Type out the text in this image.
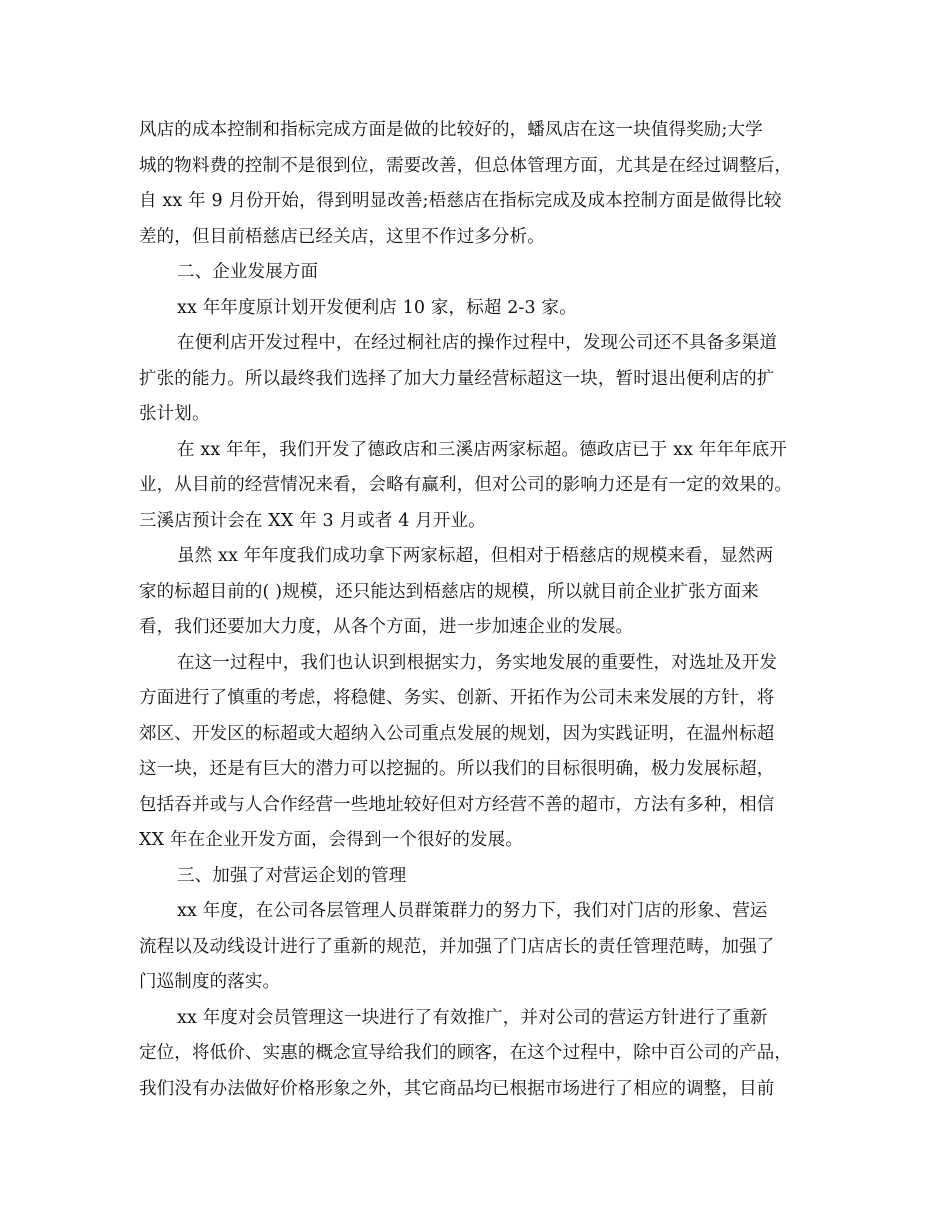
风店的成本控制和指标完成方面是做的比较好的，蟠凤店在这一块值得奖励;大学
城的物料费的控制不是很到位，需要改善，但总体管理方面，尤其是在经过调整后，
自 xx 年 9 月份开始，得到明显改善;梧慈店在指标完成及成本控制方面是做得比较
差的，但目前梧慈店已经关店，这里不作过多分析。
二、企业发展方面
xx 年年度原计划开发便利店 10 家，标超 2-3 家。
在便利店开发过程中，在经过桐社店的操作过程中，发现公司还不具备多渠道
扩张的能力。所以最终我们选择了加大力量经营标超这一块，暂时退出便利店的扩
张计划。
在 xx 年年，我们开发了德政店和三溪店两家标超。德政店已于 xx 年年年底开
业，从目前的经营情况来看，会略有赢利，但对公司的影响力还是有一定的效果的。
三溪店预计会在 XX 年 3 月或者 4 月开业。
虽然 xx 年年度我们成功拿下两家标超，但相对于梧慈店的规模来看，显然两
家的标超目前的( )规模，还只能达到梧慈店的规模，所以就目前企业扩张方面来
看，我们还要加大力度，从各个方面，进一步加速企业的发展。
在这一过程中，我们也认识到根据实力，务实地发展的重要性，对选址及开发
方面进行了慎重的考虑，将稳健、务实、创新、开拓作为公司未来发展的方针，将
郊区、开发区的标超或大超纳入公司重点发展的规划，因为实践证明，在温州标超
这一块，还是有巨大的潜力可以挖掘的。所以我们的目标很明确，极力发展标超，
包括吞并或与人合作经营一些地址较好但对方经营不善的超市，方法有多种，相信
XX 年在企业开发方面，会得到一个很好的发展。
三、加强了对营运企划的管理
xx 年度，在公司各层管理人员群策群力的努力下，我们对门店的形象、营运
流程以及动线设计进行了重新的规范，并加强了门店店长的责任管理范畴，加强了
门巡制度的落实。
xx 年度对会员管理这一块进行了有效推广，并对公司的营运方针进行了重新
定位，将低价、实惠的概念宣导给我们的顾客，在这个过程中，除中百公司的产品，
我们没有办法做好价格形象之外，其它商品均已根据市场进行了相应的调整，目前
